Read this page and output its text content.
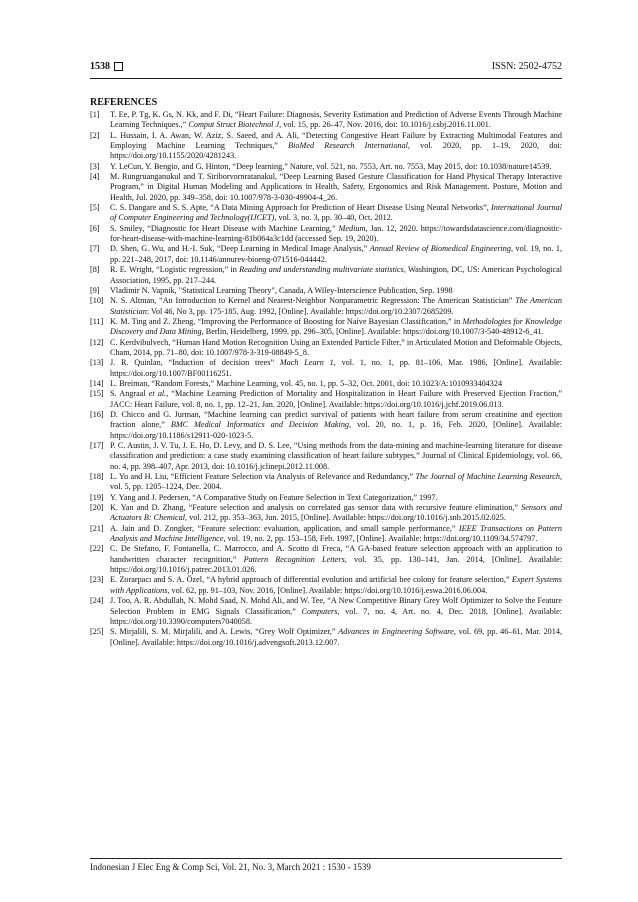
1538	ISSN: 2502-4752
REFERENCES

[1] T. Ee, P. Tg, K. Gs, N. Kk, and F. Di, “Heart Failure: Diagnosis, Severity Estimation and Prediction of Adverse Events Through Machine Learning Techniques.,” Comput Struct Biotechnol J, vol. 15, pp. 26–47, Nov. 2016, doi: 10.1016/j.csbj.2016.11.001.

[2] L. Hussain, I. A. Awan, W. Aziz, S. Saeed, and A. Ali, “Detecting Congestive Heart Failure by Extracting Multimodal Features and Employing Machine Learning Techniques,” BioMed Research International, vol. 2020, pp. 1–19, 2020, doi: https://doi.org/10.1155/2020/4281243.

[3] Y. LeCun, Y. Bengio, and G. Hinton, “Deep learning,” Nature, vol. 521, no. 7553, Art. no. 7553, May 2015, doi: 10.1038/nature14539.

[4] M. Rungruanganukul and T. Siriborvornratanakul, “Deep Learning Based Gesture Classification for Hand Physical Therapy Interactive Program,” in Digital Human Modeling and Applications in Health, Safety, Ergonomics and Risk Management. Posture, Motion and Health, Jul. 2020, pp. 349–358, doi: 10.1007/978-3-030-49904-4_26.

[5] C. S. Dangare and S. S. Apte, “A Data Mining Approach for Prediction of Heart Disease Using Neural Networks”, International Journal of Computer Engineering and Technology(IJCET), vol. 3, no. 3, pp. 30–40, Oct. 2012.

[6] S. Smiley, “Diagnostic for Heart Disease with Machine Learning,” Medium, Jan. 12, 2020. https://towardsdatascience.com/diagnostic-for-heart-disease-with-machine-learning-81b064a3c1dd (accessed Sep. 19, 2020).

[7] D. Shen, G. Wu, and H.-I. Suk, “Deep Learning in Medical Image Analysis,” Annual Review of Biomedical Engineering, vol. 19, no. 1, pp. 221–248, 2017, doi: 10.1146/annurev-bioeng-071516-044442.

[8] R. E. Wright, “Logistic regression,” in Reading and understanding multivariate statistics, Washington, DC, US: American Psychological Association, 1995, pp. 217–244.

[9] Vladimir N. Vapnik, "Statistical Learning Theory", Canada, A Wiley-Interscience Publication, Sep. 1998

[10] N. S. Altman, “An Introduction to Kernel and Nearest-Neighbor Nonparametric Regression: The American Statistician” The American Statistician: Vol 46, No 3, pp. 175-185, Aug. 1992, [Online]. Available: https://doi.org/10.2307/2685209.

[11] K. M. Ting and Z. Zheng, “Improving the Performance of Boosting for Naive Bayesian Classification,” in Methodologies for Knowledge Discovery and Data Mining, Berlin, Heidelberg, 1999, pp. 296–305, [Online]. Available: https://doi.org/10.1007/3-540-48912-6_41.

[12] C. Kerdvibulvech, “Human Hand Motion Recognition Using an Extended Particle Filter,” in Articulated Motion and Deformable Objects, Cham, 2014, pp. 71–80, doi: 10.1007/978-3-319-08849-5_8.

[13] J. R. Quinlan, “Induction of decision trees” Mach Learn 1, vol. 1, no. 1, pp. 81–106, Mar. 1986, [Online]. Available: https://doi.org/10.1007/BF00116251.

[14] L. Breiman, “Random Forests,” Machine Learning, vol. 45, no. 1, pp. 5–32, Oct. 2001, doi: 10.1023/A:1010933404324

[15] S. Angraal et al., “Machine Learning Prediction of Mortality and Hospitalization in Heart Failure with Preserved Ejection Fraction,” JACC: Heart Failure, vol. 8, no. 1, pp. 12–21, Jan. 2020, [Online]. Available: https://doi.org/10.1016/j.jchf.2019.06.013.

[16] D. Chicco and G. Jurman, “Machine learning can predict survival of patients with heart failure from serum creatinine and ejection fraction alone,” BMC Medical Informatics and Decision Making, vol. 20, no. 1, p. 16, Feb. 2020, [Online]. Available: https://doi.org/10.1186/s12911-020-1023-5.

[17] P. C. Austin, J. V. Tu, J. E. Ho, D. Levy, and D. S. Lee, “Using methods from the data-mining and machine-learning literature for disease classification and prediction: a case study examining classification of heart failure subtypes,” Journal of Clinical Epidemiology, vol. 66, no. 4, pp. 398–407, Apr. 2013, doi: 10.1016/j.jclinepi.2012.11.008.

[18] L. Yu and H. Liu, “Efficient Feature Selection via Analysis of Relevance and Redundancy,” The Journal of Machine Learning Research, vol. 5, pp. 1205–1224, Dec. 2004.

[19] Y. Yang and J. Pedersen, “A Comparative Study on Feature Selection in Text Categorization,” 1997.

[20] K. Yan and D. Zhang, “Feature selection and analysis on correlated gas sensor data with recursive feature elimination,” Sensors and Actuators B: Chemical, vol. 212, pp. 353–363, Jun. 2015, [Online]. Available: https://doi.org/10.1016/j.snb.2015.02.025.

[21] A. Jain and D. Zongker, “Feature selection: evaluation, application, and small sample performance,” IEEE Transactions on Pattern Analysis and Machine Intelligence, vol. 19, no. 2, pp. 153–158, Feb. 1997, [Online]. Available: https://doi.org/10.1109/34.574797.

[22] C. De Stefano, F. Fontanella, C. Marrocco, and A. Scotto di Freca, “A GA-based feature selection approach with an application to handwritten character recognition,” Pattern Recognition Letters, vol. 35, pp. 130–141, Jan. 2014, [Online]. Available: https://doi.org/10.1016/j.patrec.2013.01.026.

[23] E. Zorarpacı and S. A. Özel, “A hybrid approach of differential evolution and artificial bee colony for feature selection,” Expert Systems with Applications, vol. 62, pp. 91–103, Nov. 2016, [Online]. Available: https://doi.org/10.1016/j.eswa.2016.06.004.

[24] J. Too, A. R. Abdullah, N. Mohd Saad, N. Mohd Ali, and W. Tee, “A New Competitive Binary Grey Wolf Optimizer to Solve the Feature Selection Problem in EMG Signals Classification,” Computers, vol. 7, no. 4, Art. no. 4, Dec. 2018, [Online]. Available: https://doi.org/10.3390/computers7040058.

[25] S. Mirjalili, S. M. Mirjalili, and A. Lewis, “Grey Wolf Optimizer,” Advances in Engineering Software, vol. 69, pp. 46–61, Mar. 2014, [Online]. Available: https://doi.org/10.1016/j.advengsoft.2013.12.007.

Indonesian J Elec Eng & Comp Sci, Vol. 21, No. 3, March 2021 : 1530 - 1539
